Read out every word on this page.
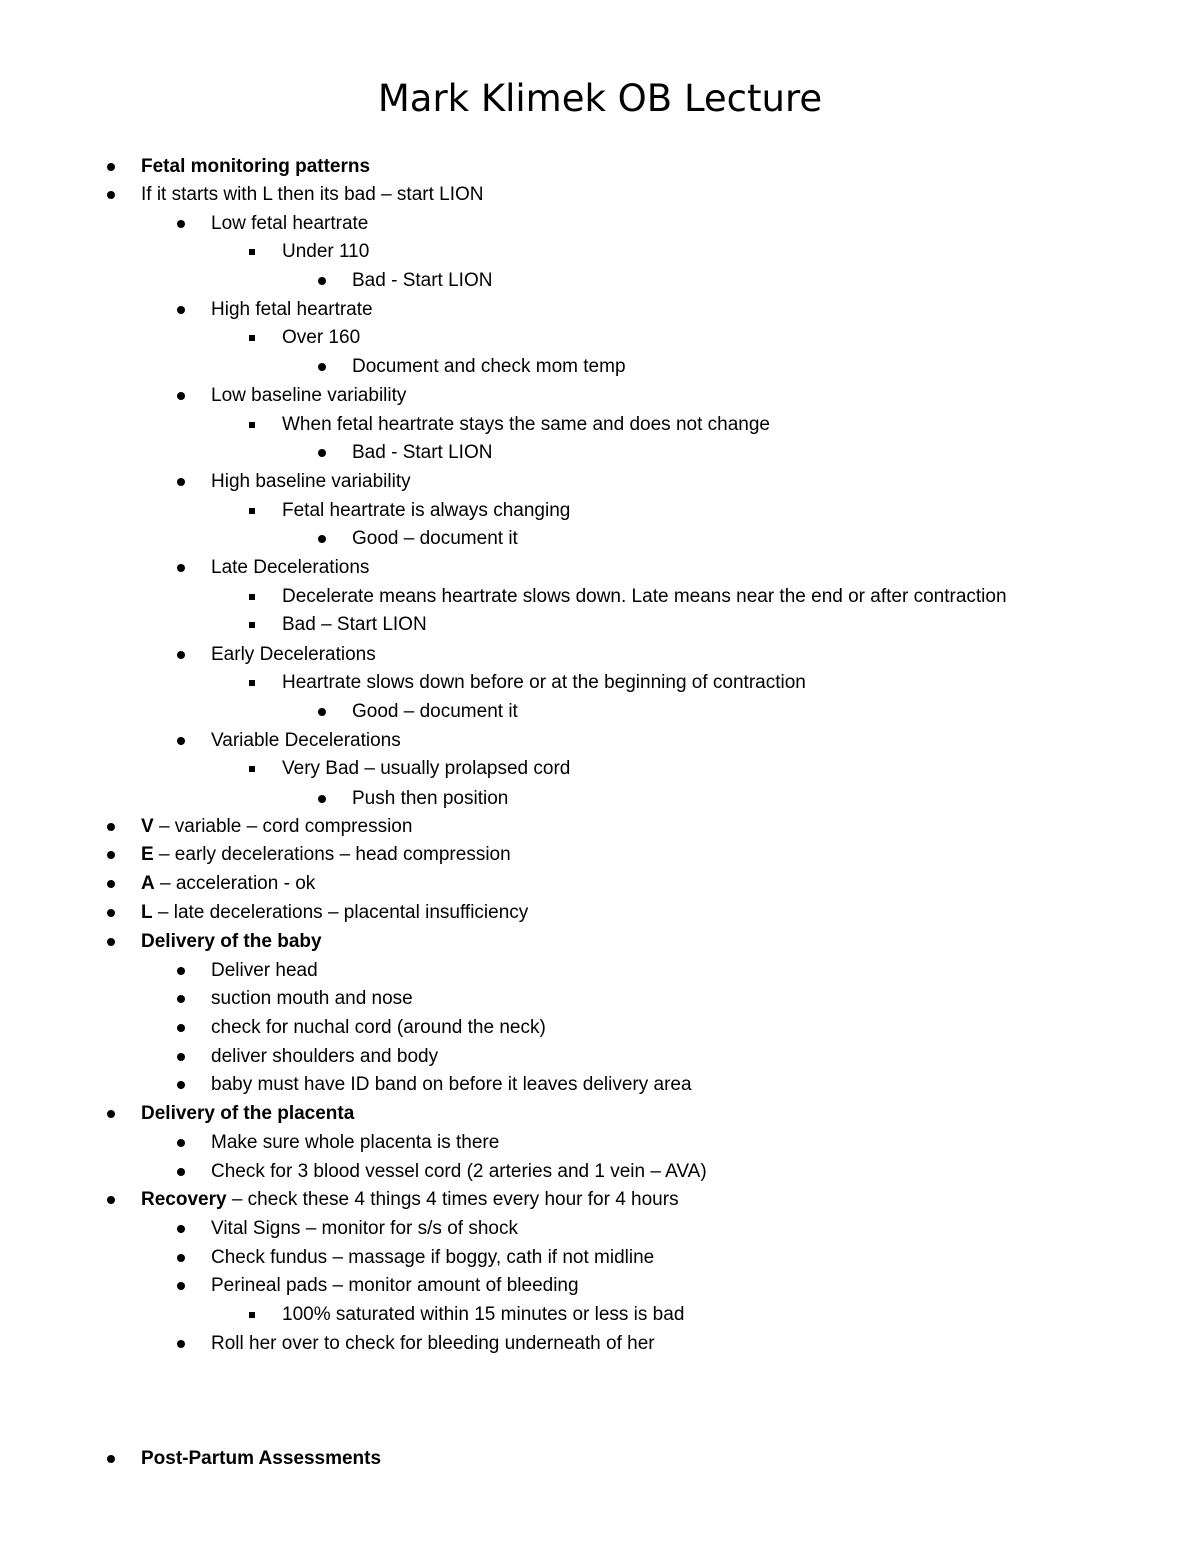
Mark Klimek OB Lecture
Fetal monitoring patterns
If it starts with L then its bad – start LION
Low fetal heartrate
Under 110
Bad - Start LION
High fetal heartrate
Over 160
Document and check mom temp
Low baseline variability
When fetal heartrate stays the same and does not change
Bad - Start LION
High baseline variability
Fetal heartrate is always changing
Good – document it
Late Decelerations
Decelerate means heartrate slows down. Late means near the end or after contraction
Bad – Start LION
Early Decelerations
Heartrate slows down before or at the beginning of contraction
Good – document it
Variable Decelerations
Very Bad – usually prolapsed cord
Push then position
V – variable – cord compression
E – early decelerations – head compression
A – acceleration - ok
L – late decelerations – placental insufficiency
Delivery of the baby
Deliver head
suction mouth and nose
check for nuchal cord (around the neck)
deliver shoulders and body
baby must have ID band on before it leaves delivery area
Delivery of the placenta
Make sure whole placenta is there
Check for 3 blood vessel cord (2 arteries and 1 vein – AVA)
Recovery – check these 4 things 4 times every hour for 4 hours
Vital Signs – monitor for s/s of shock
Check fundus – massage if boggy, cath if not midline
Perineal pads – monitor amount of bleeding
100% saturated within 15 minutes or less is bad
Roll her over to check for bleeding underneath of her
Post-Partum Assessments
